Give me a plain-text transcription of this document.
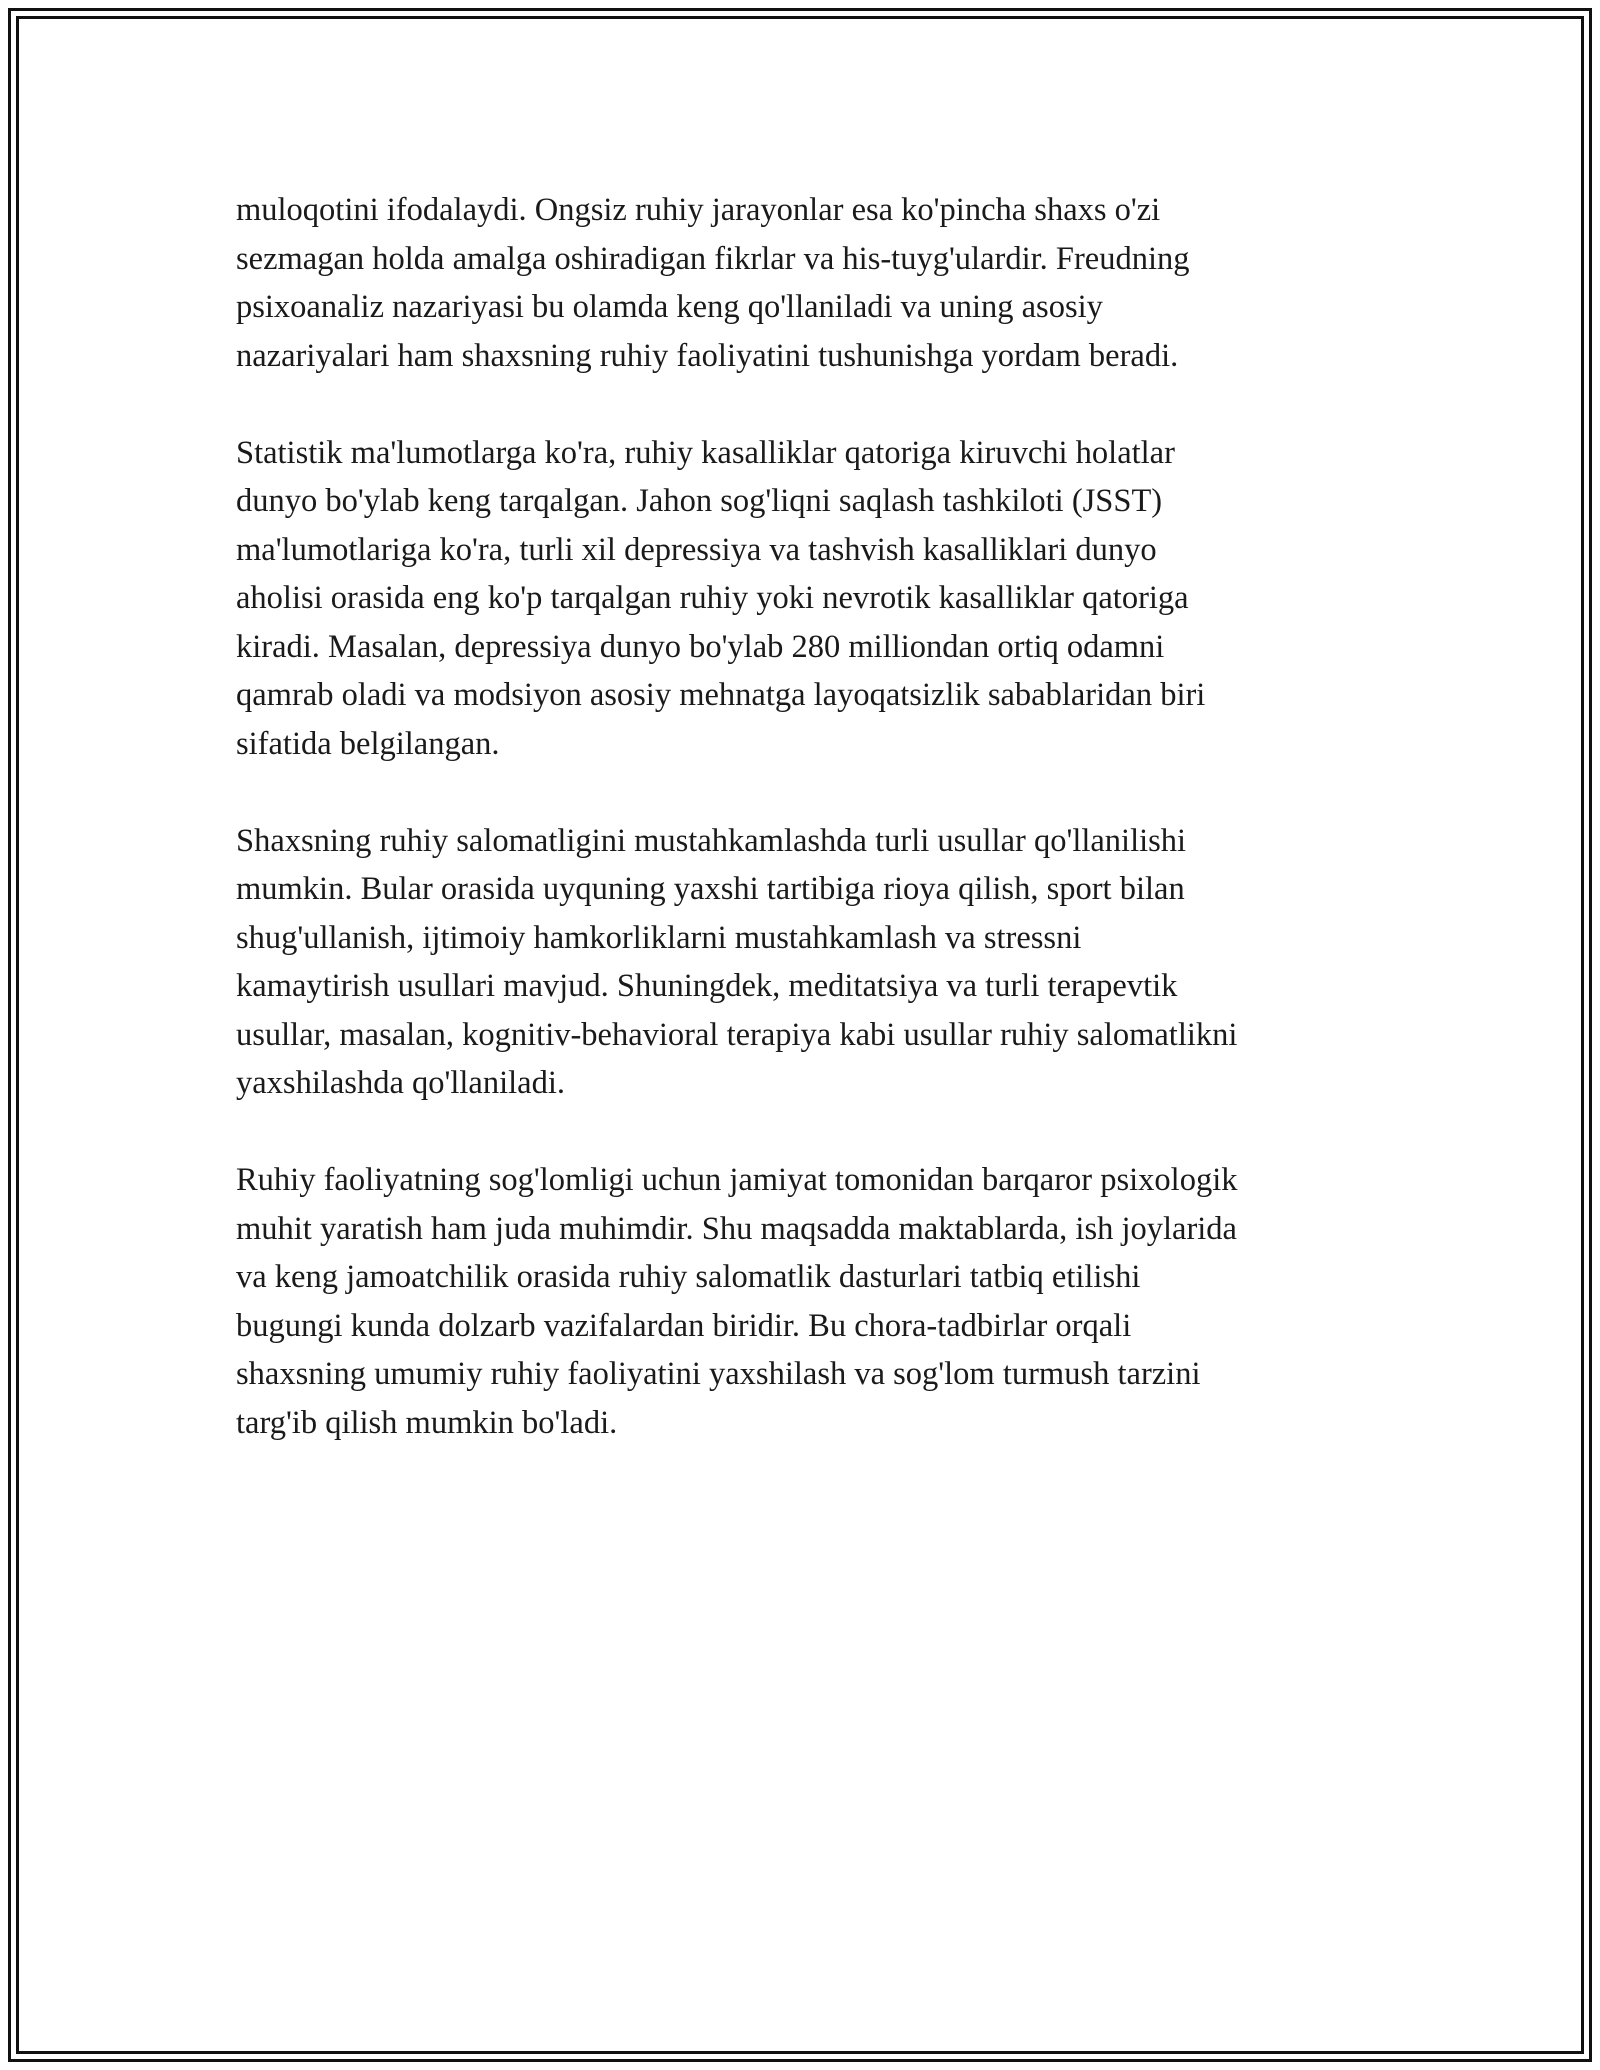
muloqotini ifodalaydi. Ongsiz ruhiy jarayonlar esa ko'pincha shaxs o'zi
sezmagan holda amalga oshiradigan fikrlar va his-tuyg'ulardir. Freudning
psixoanaliz nazariyasi bu olamda keng qo'llaniladi va uning asosiy
nazariyalari ham shaxsning ruhiy faoliyatini tushunishga yordam beradi.

Statistik ma'lumotlarga ko'ra, ruhiy kasalliklar qatoriga kiruvchi holatlar
dunyo bo'ylab keng tarqalgan. Jahon sog'liqni saqlash tashkiloti (JSST)
ma'lumotlariga ko'ra, turli xil depressiya va tashvish kasalliklari dunyo
aholisi orasida eng ko'p tarqalgan ruhiy yoki nevrotik kasalliklar qatoriga
kiradi. Masalan, depressiya dunyo bo'ylab 280 milliondan ortiq odamni
qamrab oladi va modsiyon asosiy mehnatga layoqatsizlik sabablaridan biri
sifatida belgilangan.

Shaxsning ruhiy salomatligini mustahkamlashda turli usullar qo'llanilishi
mumkin. Bular orasida uyquning yaxshi tartibiga rioya qilish, sport bilan
shug'ullanish, ijtimoiy hamkorliklarni mustahkamlash va stressni
kamaytirish usullari mavjud. Shuningdek, meditatsiya va turli terapevtik
usullar, masalan, kognitiv-behavioral terapiya kabi usullar ruhiy salomatlikni
yaxshilashda qo'llaniladi.

Ruhiy faoliyatning sog'lomligi uchun jamiyat tomonidan barqaror psixologik
muhit yaratish ham juda muhimdir. Shu maqsadda maktablarda, ish joylarida
va keng jamoatchilik orasida ruhiy salomatlik dasturlari tatbiq etilishi
bugungi kunda dolzarb vazifalardan biridir. Bu chora-tadbirlar orqali
shaxsning umumiy ruhiy faoliyatini yaxshilash va sog'lom turmush tarzini
targ'ib qilish mumkin bo'ladi.
